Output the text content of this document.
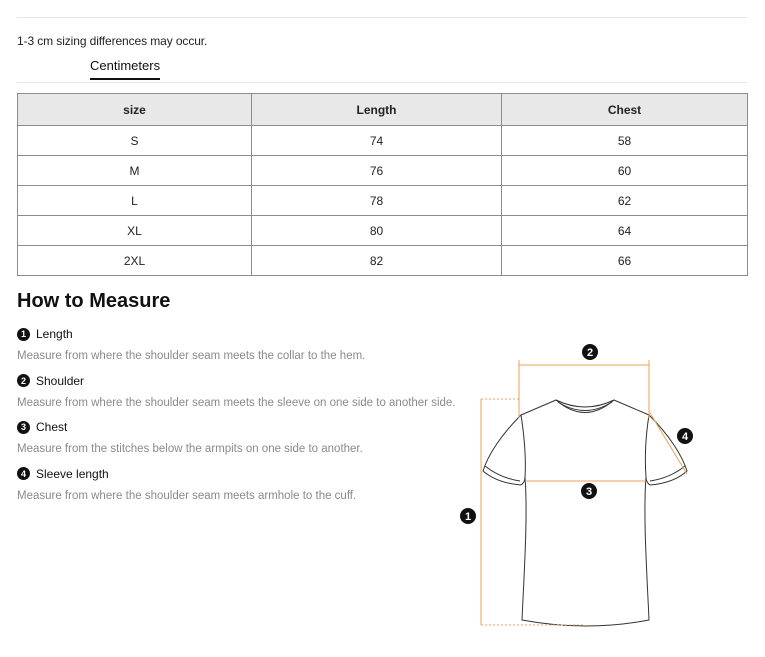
1-3 cm sizing differences may occur.
Centimeters
size	Length	Chest
S	74	58
M	76	60
L	78	62
XL	80	64
2XL	82	66
How to Measure
1 Length
Measure from where the shoulder seam meets the collar to the hem.
2 Shoulder
Measure from where the shoulder seam meets the sleeve on one side to another side.
3 Chest
Measure from the stitches below the armpits on one side to another.
4 Sleeve length
Measure from where the shoulder seam meets armhole to the cuff.
2
4
3
1
